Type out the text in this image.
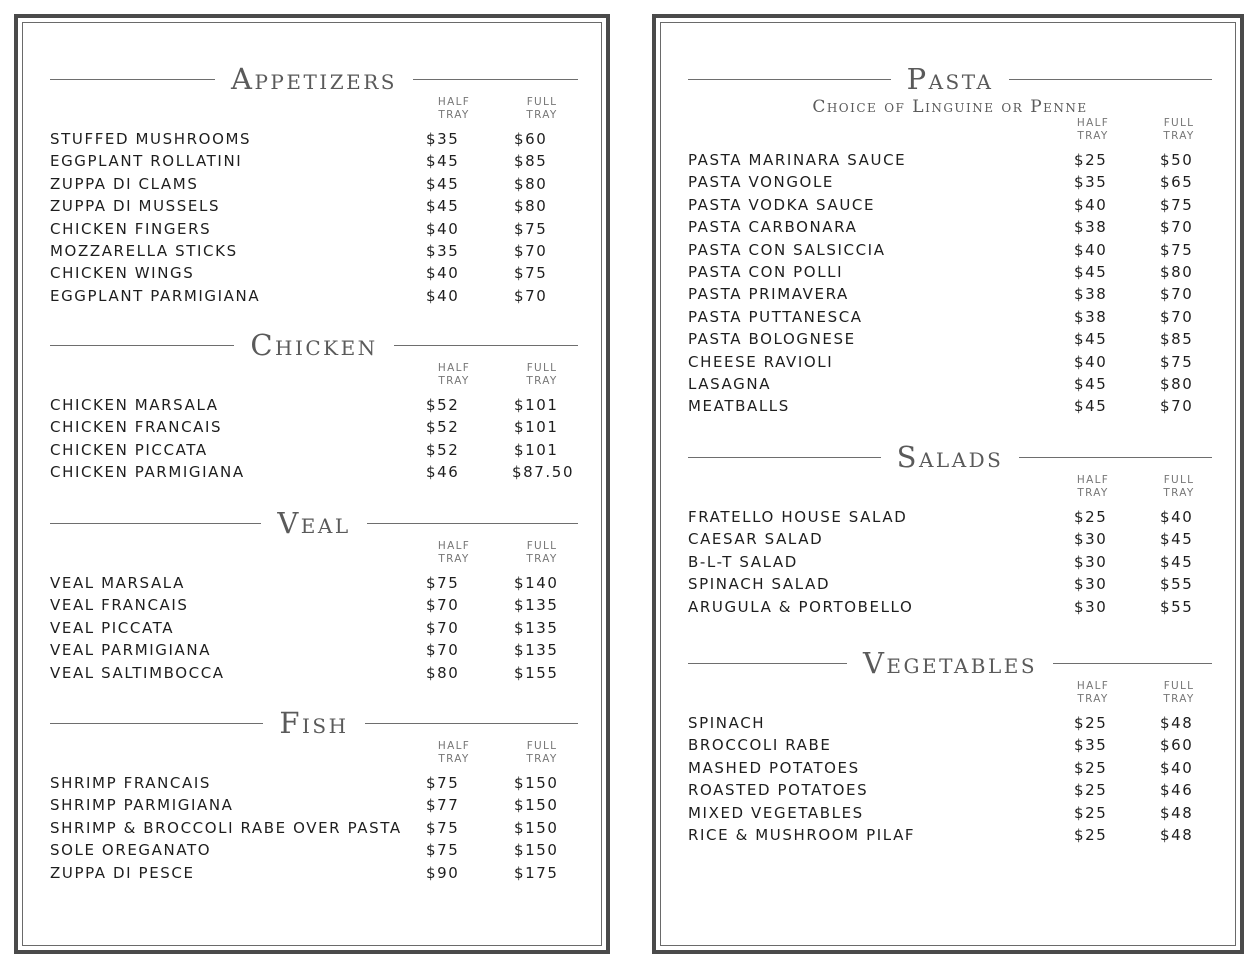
Appetizers
HALF
TRAY
FULL
TRAY
STUFFED MUSHROOMS	$35	$60
EGGPLANT ROLLATINI	$45	$85
ZUPPA DI CLAMS	$45	$80
ZUPPA DI MUSSELS	$45	$80
CHICKEN FINGERS	$40	$75
MOZZARELLA STICKS	$35	$70
CHICKEN WINGS	$40	$75
EGGPLANT PARMIGIANA	$40	$70
Chicken
HALF
TRAY
FULL
TRAY
CHICKEN MARSALA	$52	$101
CHICKEN FRANCAIS	$52	$101
CHICKEN PICCATA	$52	$101
CHICKEN PARMIGIANA	$46	$87.50
Veal
HALF
TRAY
FULL
TRAY
VEAL MARSALA	$75	$140
VEAL FRANCAIS	$70	$135
VEAL PICCATA	$70	$135
VEAL PARMIGIANA	$70	$135
VEAL SALTIMBOCCA	$80	$155
Fish
HALF
TRAY
FULL
TRAY
SHRIMP FRANCAIS	$75	$150
SHRIMP PARMIGIANA	$77	$150
SHRIMP & BROCCOLI RABE OVER PASTA $75	$150
SOLE OREGANATO	$75	$150
ZUPPA DI PESCE	$90	$175
Pasta
Choice of Linguine or Penne
HALF
TRAY
FULL
TRAY
PASTA MARINARA SAUCE	$25	$50
PASTA VONGOLE	$35	$65
PASTA VODKA SAUCE	$40	$75
PASTA CARBONARA	$38	$70
PASTA CON SALSICCIA	$40	$75
PASTA CON POLLI	$45	$80
PASTA PRIMAVERA	$38	$70
PASTA PUTTANESCA	$38	$70
PASTA BOLOGNESE	$45	$85
CHEESE RAVIOLI	$40	$75
LASAGNA	$45	$80
MEATBALLS	$45	$70
Salads
HALF
TRAY
FULL
TRAY
FRATELLO HOUSE SALAD	$25	$40
CAESAR SALAD	$30	$45
B-L-T SALAD	$30	$45
SPINACH SALAD	$30	$55
ARUGULA & PORTOBELLO	$30	$55
Vegetables
HALF
TRAY
FULL
TRAY
SPINACH	$25	$48
BROCCOLI RABE	$35	$60
MASHED POTATOES	$25	$40
ROASTED POTATOES	$25	$46
MIXED VEGETABLES	$25	$48
RICE & MUSHROOM PILAF	$25	$48
